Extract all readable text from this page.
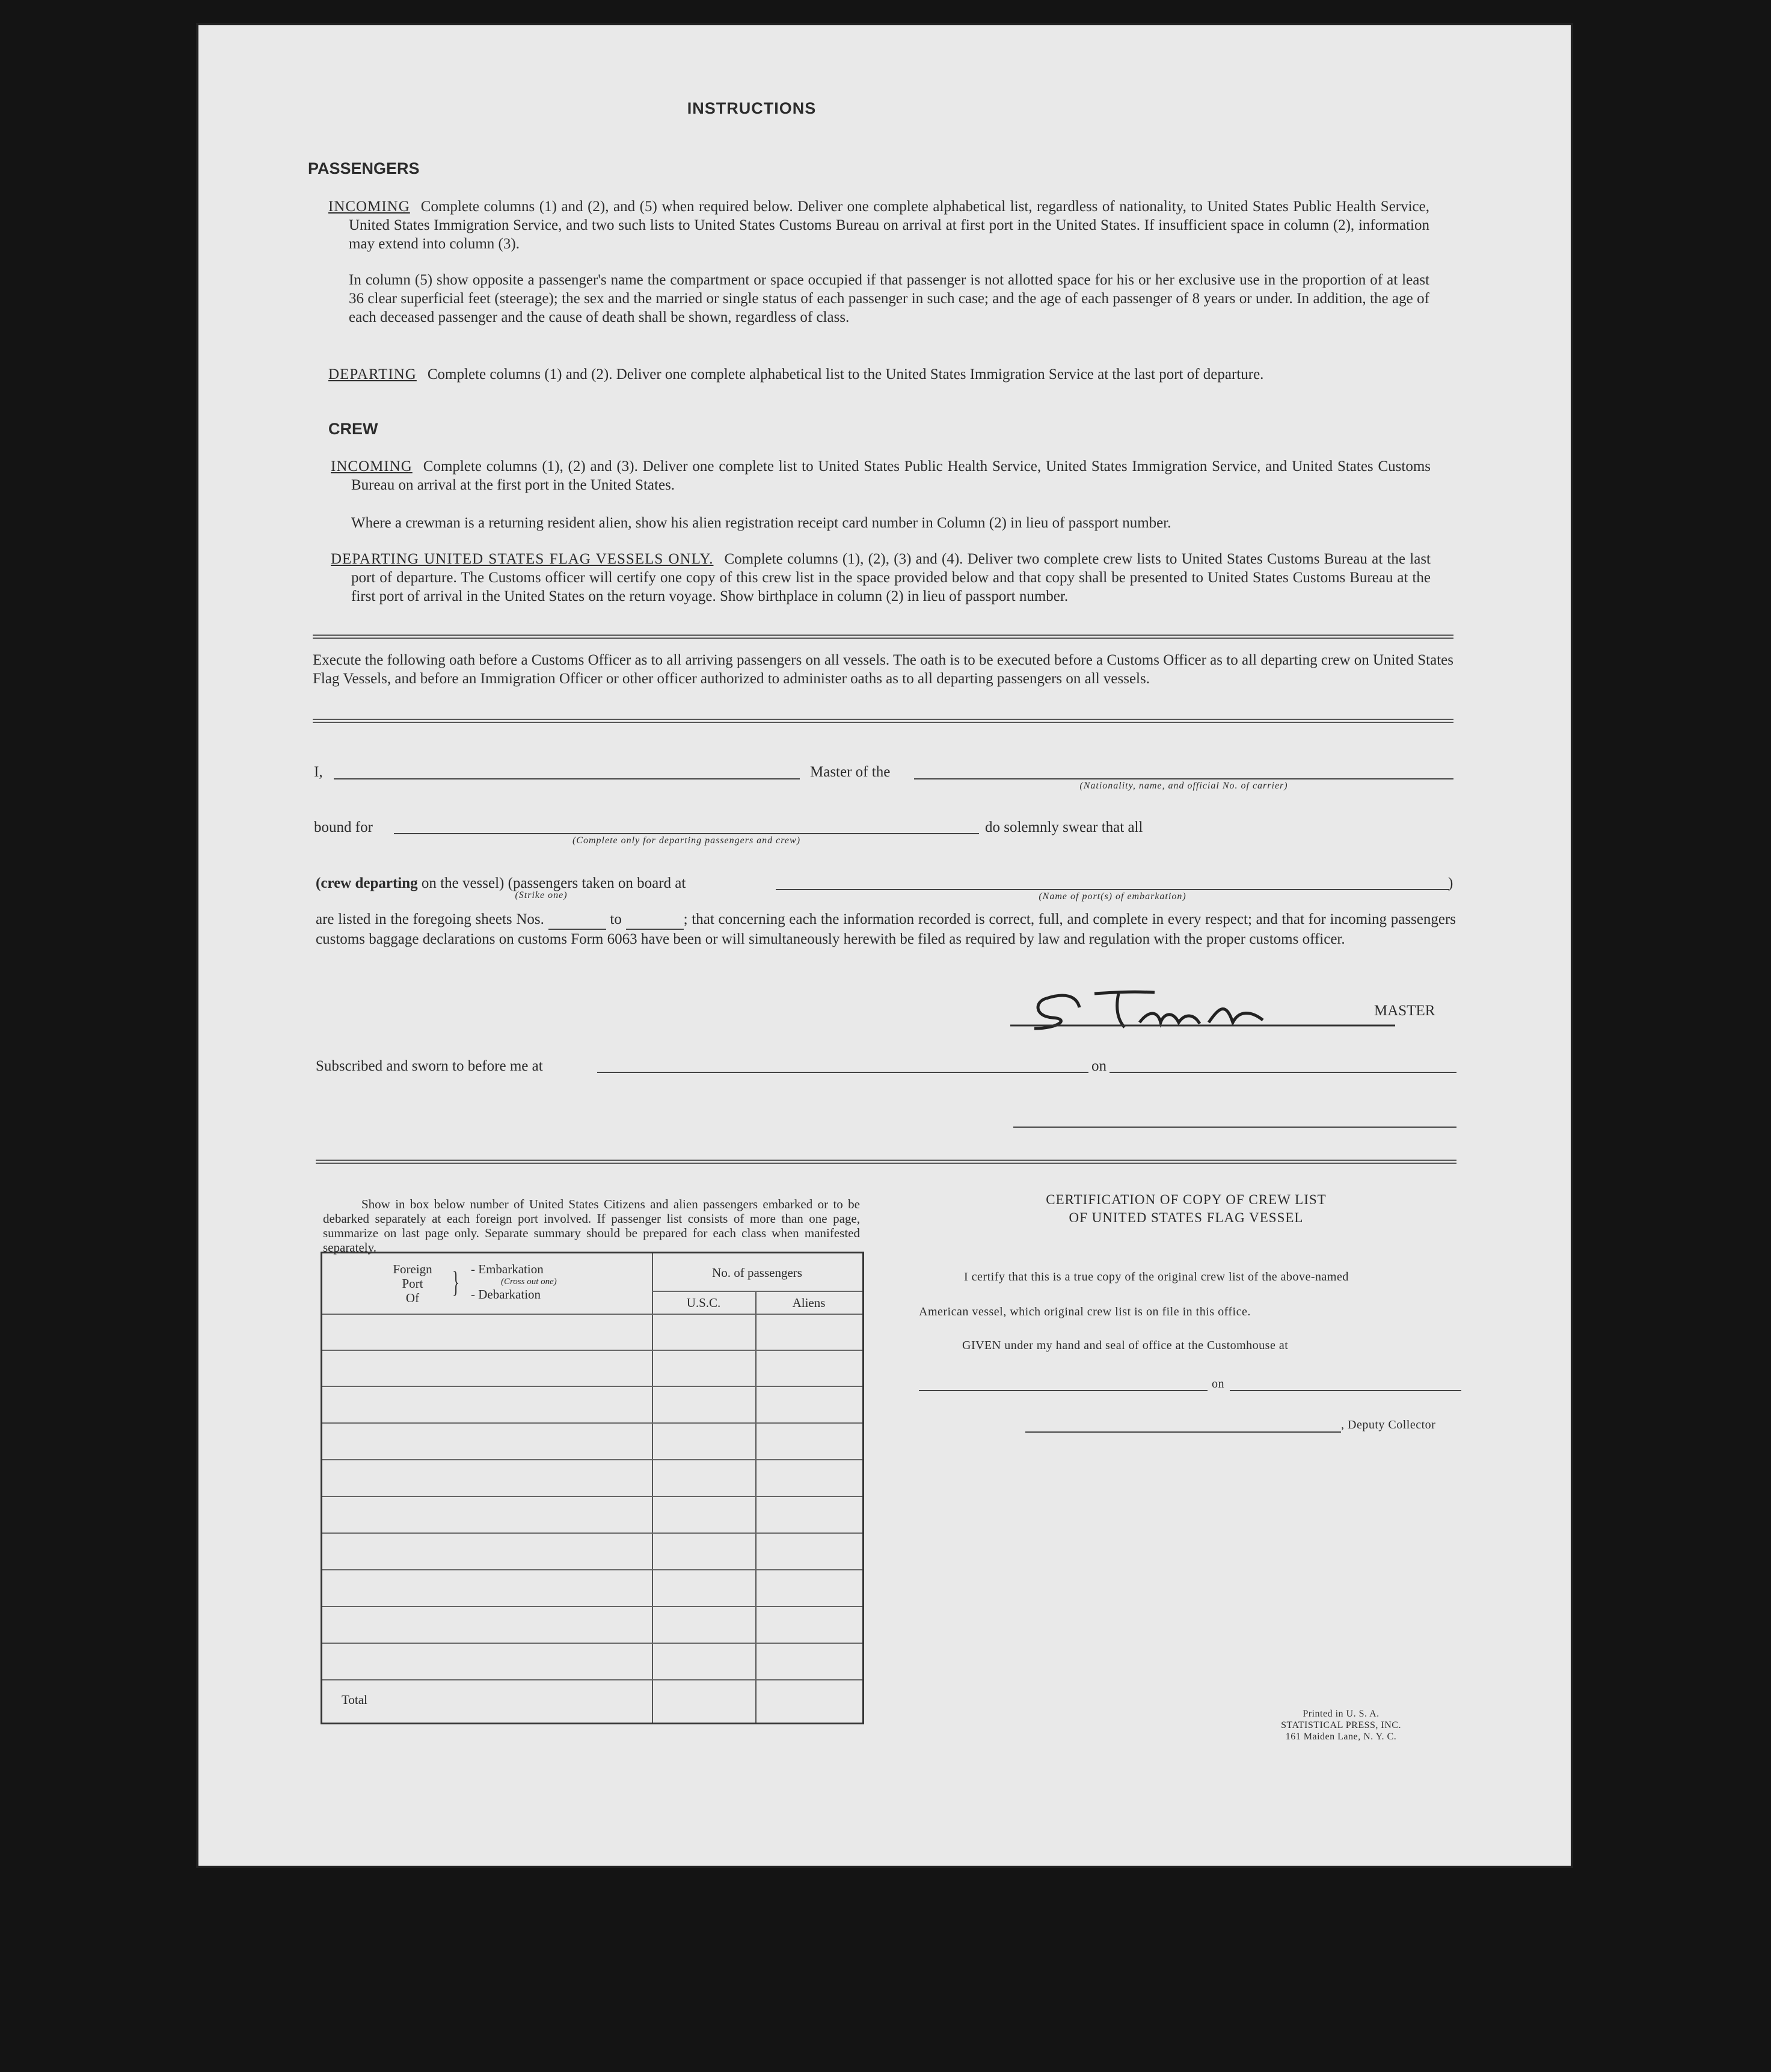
INSTRUCTIONS
PASSENGERS
INCOMING Complete columns (1) and (2), and (5) when required below. Deliver one complete alphabetical list, regardless of nationality, to United States Public Health Service, United States Immigration Service, and two such lists to United States Customs Bureau on arrival at first port in the United States. If insufficient space in column (2), information may extend into column (3).
In column (5) show opposite a passenger's name the compartment or space occupied if that passenger is not allotted space for his or her exclusive use in the proportion of at least 36 clear superficial feet (steerage); the sex and the married or single status of each passenger in such case; and the age of each passenger of 8 years or under. In addition, the age of each deceased passenger and the cause of death shall be shown, regardless of class.
DEPARTING Complete columns (1) and (2). Deliver one complete alphabetical list to the United States Immigration Service at the last port of departure.
CREW
INCOMING Complete columns (1), (2) and (3). Deliver one complete list to United States Public Health Service, United States Immigration Service, and United States Customs Bureau on arrival at the first port in the United States.
Where a crewman is a returning resident alien, show his alien registration receipt card number in Column (2) in lieu of passport number.
DEPARTING UNITED STATES FLAG VESSELS ONLY. Complete columns (1), (2), (3) and (4). Deliver two complete crew lists to United States Customs Bureau at the last port of departure. The Customs officer will certify one copy of this crew list in the space provided below and that copy shall be presented to United States Customs Bureau at the first port of arrival in the United States on the return voyage. Show birthplace in column (2) in lieu of passport number.
Execute the following oath before a Customs Officer as to all arriving passengers on all vessels. The oath is to be executed before a Customs Officer as to all departing crew on United States Flag Vessels, and before an Immigration Officer or other officer authorized to administer oaths as to all departing passengers on all vessels.
I,	Master of the
(Nationality, name, and official No. of carrier)
bound for
(Complete only for departing passengers and crew)
do solemnly swear that all
(crew departing on the vessel) (passengers taken on board at
(Strike one)	(Name of port(s) of embarkation)
)
are listed in the foregoing sheets Nos.	to	; that concerning each the information recorded is correct, full, and complete in every respect; and that for incoming passengers customs baggage declarations on customs Form 6063 have been or will simultaneously herewith be filed as required by law and regulation with the proper customs officer.
MASTER
Subscribed and sworn to before me at	on
Show in box below number of United States Citizens and alien passengers embarked or to be debarked separately at each foreign port involved. If passenger list consists of more than one page, summarize on last page only. Separate summary should be prepared for each class when manifested separately.
Foreign
Port
Of	} - Embarkation
(Cross out one)
- Debarkation
No. of passengers
U.S.C.	Aliens
Total
CERTIFICATION OF COPY OF CREW LIST
OF UNITED STATES FLAG VESSEL
I certify that this is a true copy of the original crew list of the above-named
American vessel, which original crew list is on file in this office.
GIVEN under my hand and seal of office at the Customhouse at
on
, Deputy Collector
Printed in U. S. A.
STATISTICAL PRESS, INC.
161 Maiden Lane, N. Y. C.
